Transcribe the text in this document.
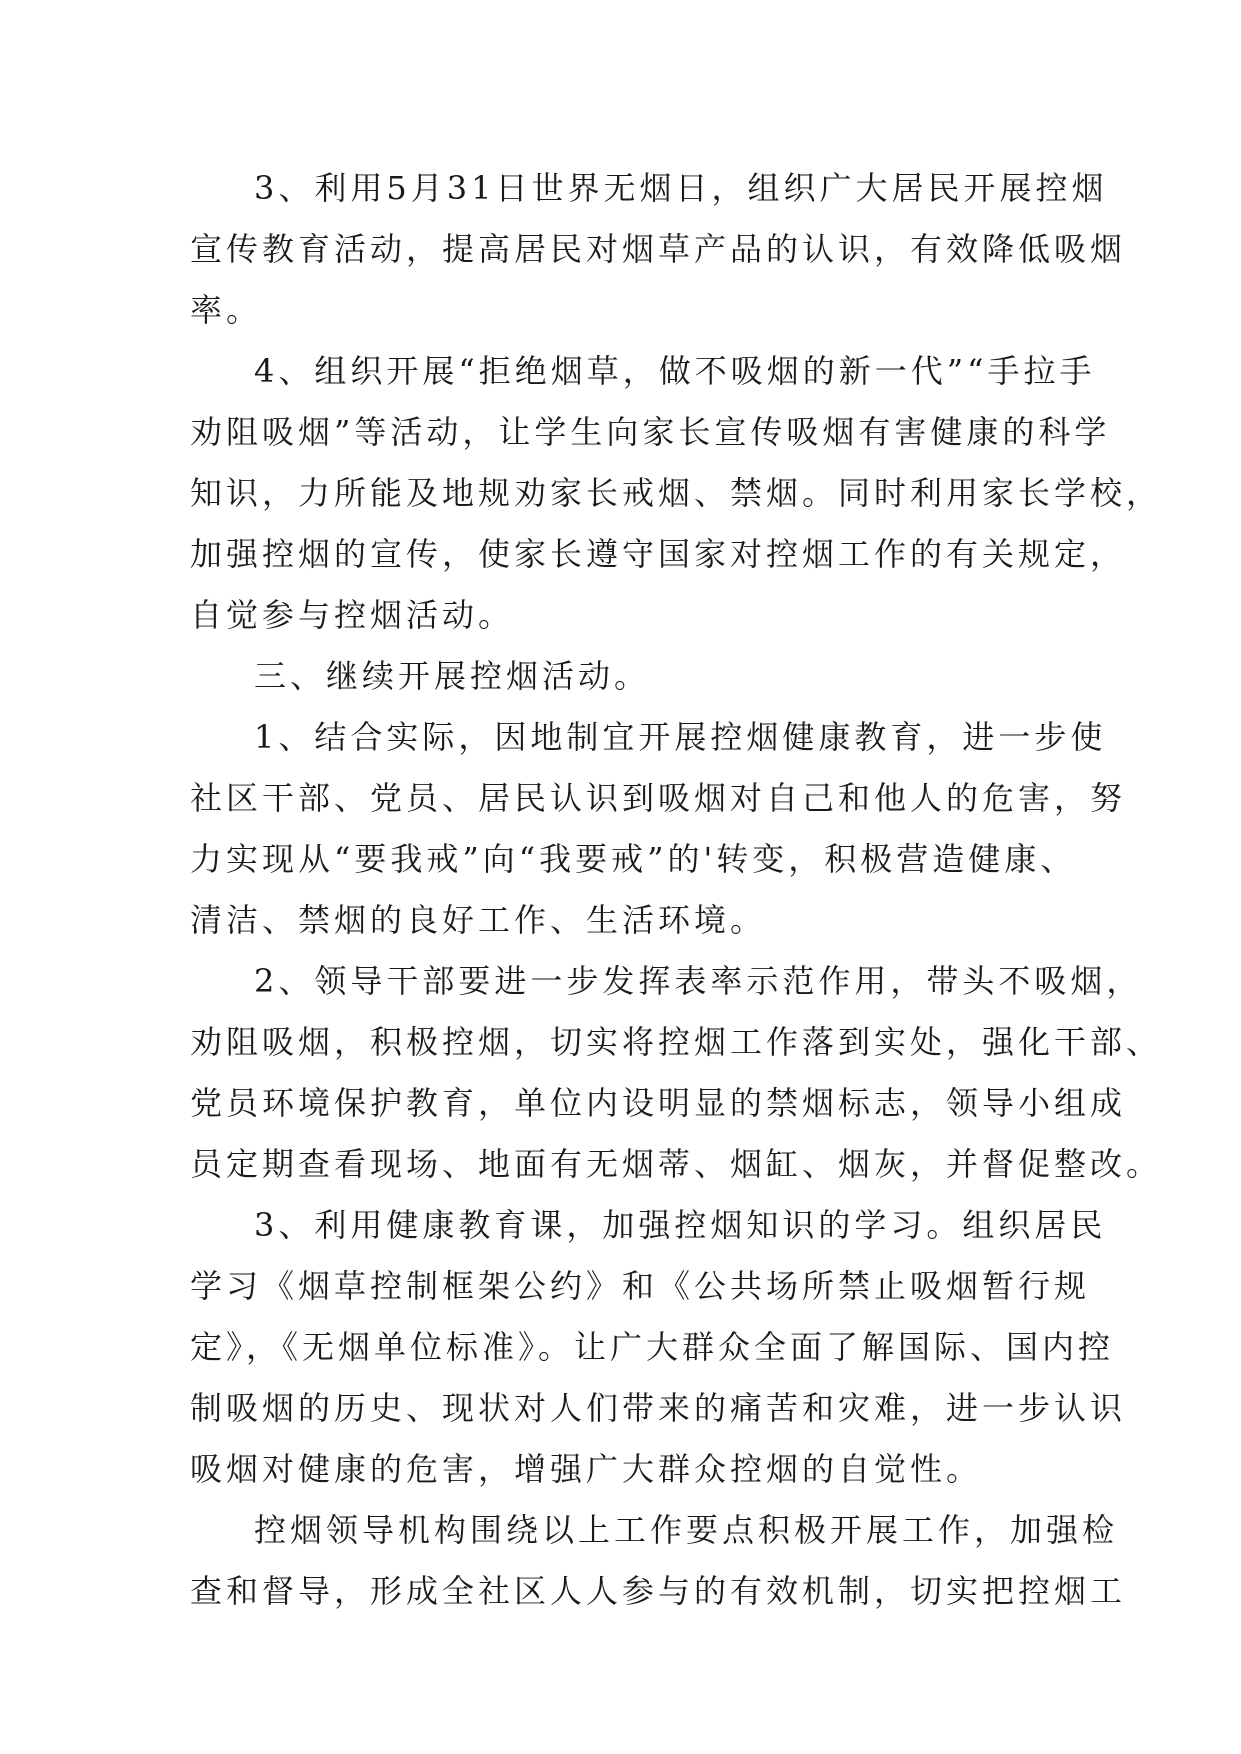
3、利用5月31日世界无烟日，组织广大居民开展控烟
宣传教育活动，提高居民对烟草产品的认识，有效降低吸烟
率。

4、组织开展“拒绝烟草，做不吸烟的新一代”“手拉手
劝阻吸烟”等活动，让学生向家长宣传吸烟有害健康的科学
知识，力所能及地规劝家长戒烟、禁烟。同时利用家长学校，
加强控烟的宣传，使家长遵守国家对控烟工作的有关规定，
自觉参与控烟活动。

三、继续开展控烟活动。

1、结合实际，因地制宜开展控烟健康教育，进一步使
社区干部、党员、居民认识到吸烟对自己和他人的危害，努
力实现从“要我戒”向“我要戒”的'转变，积极营造健康、
清洁、禁烟的良好工作、生活环境。

2、领导干部要进一步发挥表率示范作用，带头不吸烟，
劝阻吸烟，积极控烟，切实将控烟工作落到实处，强化干部、
党员环境保护教育，单位内设明显的禁烟标志，领导小组成
员定期查看现场、地面有无烟蒂、烟缸、烟灰，并督促整改。

3、利用健康教育课，加强控烟知识的学习。组织居民
学习《烟草控制框架公约》和《公共场所禁止吸烟暂行规
定》，《无烟单位标准》。让广大群众全面了解国际、国内控
制吸烟的历史、现状对人们带来的痛苦和灾难，进一步认识
吸烟对健康的危害，增强广大群众控烟的自觉性。

控烟领导机构围绕以上工作要点积极开展工作，加强检
查和督导，形成全社区人人参与的有效机制，切实把控烟工
